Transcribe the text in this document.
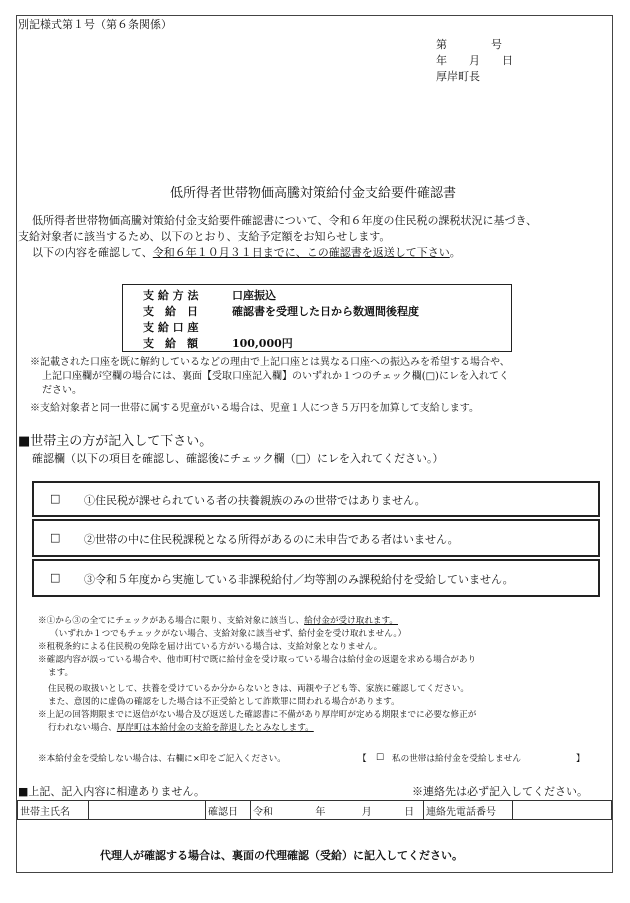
別記様式第１号（第６条関係）
第　　　　号
年　　月　　日
厚岸町長
低所得者世帯物価高騰対策給付金支給要件確認書
低所得者世帯物価高騰対策給付金支給要件確認書について、令和６年度の住民税の課税状況に基づき、
支給対象者に該当するため、以下のとおり、支給予定額をお知らせします。
以下の内容を確認して、令和６年１０月３１日までに、この確認書を返送して下さい。
支 給 方 法	口座振込
支　給　日	確認書を受理した日から数週間後程度
支 給 口 座
支　給　額	100,000円
※記載された口座を既に解約しているなどの理由で上記口座とは異なる口座への振込みを希望する場合や、
上記口座欄が空欄の場合には、裏面【受取口座記入欄】のいずれか１つのチェック欄(□)にレを入れてく
ださい。
※支給対象者と同一世帯に属する児童がいる場合は、児童１人につき５万円を加算して支給します。
■世帯主の方が記入して下さい。
確認欄（以下の項目を確認し、確認後にチェック欄（□）にレを入れてください。）
□ ①住民税が課せられている者の扶養親族のみの世帯ではありません。
□ ②世帯の中に住民税課税となる所得があるのに未申告である者はいません。
□ ③令和５年度から実施している非課税給付／均等割のみ課税給付を受給していません。
※①から③の全てにチェックがある場合に限り、支給対象に該当し、給付金が受け取れます。
（いずれか１つでもチェックがない場合、支給対象に該当せず、給付金を受け取れません。）
※租税条約による住民税の免除を届け出ている方がいる場合は、支給対象となりません。
※確認内容が誤っている場合や、他市町村で既に給付金を受け取っている場合は給付金の返還を求める場合があり
ます。
住民税の取扱いとして、扶養を受けているか分からないときは、両親や子ども等、家族に確認してください。
また、意図的に虚偽の確認をした場合は不正受給として詐欺罪に問われる場合があります。
※上記の回答期限までに返信がない場合及び返送した確認書に不備があり厚岸町が定める期限までに必要な修正が
行われない場合、厚岸町は本給付金の支給を辞退したとみなします。
※本給付金を受給しない場合は、右欄に×印をご記入ください。	【 □ 私の世帯は給付金を受給しません	】
■上記、記入内容に相違ありません。	※連絡先は必ず記入してください。
世帯主氏名		確認日	令和	年	月	日	連絡先電話番号	
代理人が確認する場合は、裏面の代理確認（受給）に記入してください。
